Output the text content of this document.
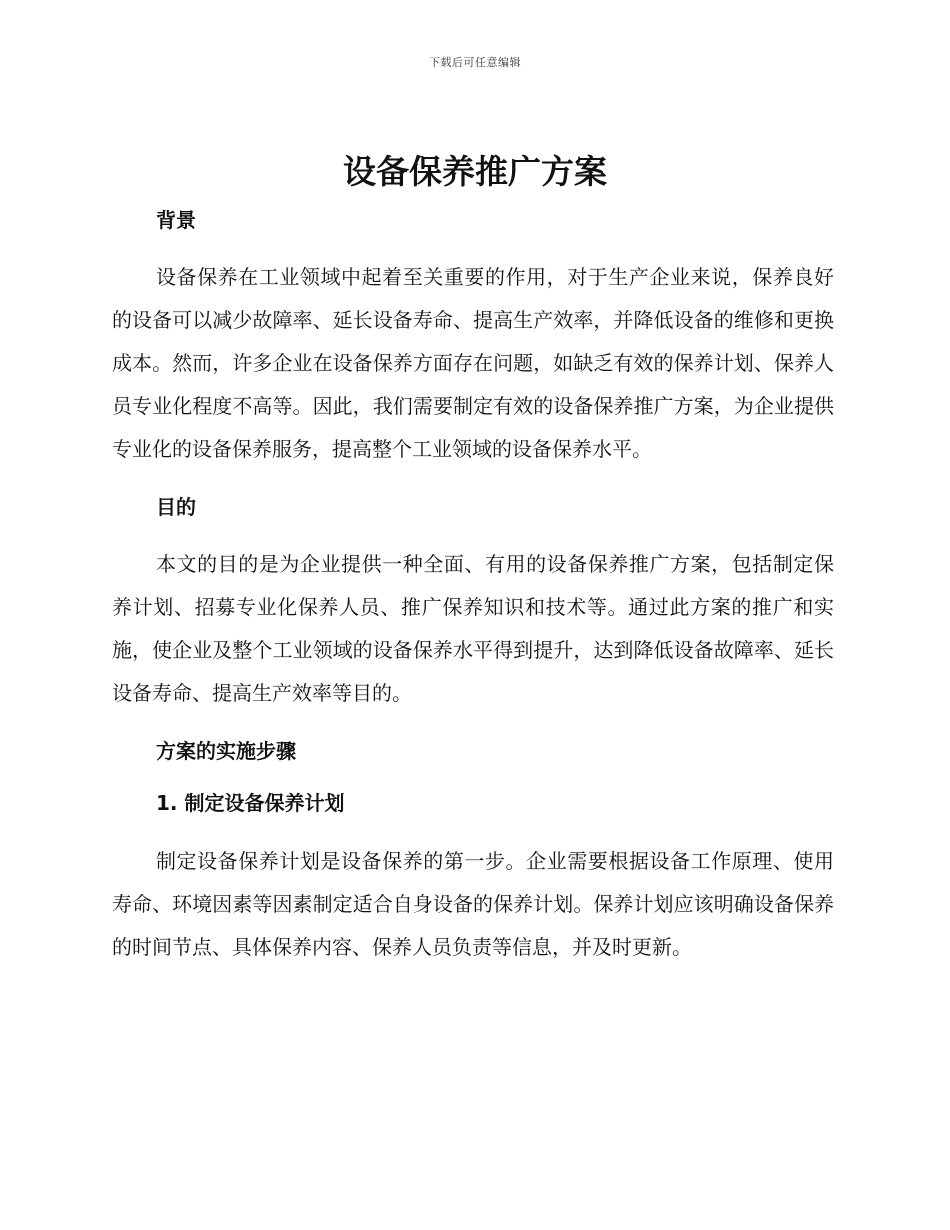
下载后可任意编辑
设备保养推广方案
背景

设备保养在工业领域中起着至关重要的作用，对于生产企业来说，保养良好的设备可以减少故障率、延长设备寿命、提高生产效率，并降低设备的维修和更换成本。然而，许多企业在设备保养方面存在问题，如缺乏有效的保养计划、保养人员专业化程度不高等。因此，我们需要制定有效的设备保养推广方案，为企业提供专业化的设备保养服务，提高整个工业领域的设备保养水平。

目的

本文的目的是为企业提供一种全面、有用的设备保养推广方案，包括制定保养计划、招募专业化保养人员、推广保养知识和技术等。通过此方案的推广和实施，使企业及整个工业领域的设备保养水平得到提升，达到降低设备故障率、延长设备寿命、提高生产效率等目的。

方案的实施步骤
1. 制定设备保养计划

制定设备保养计划是设备保养的第一步。企业需要根据设备工作原理、使用寿命、环境因素等因素制定适合自身设备的保养计划。保养计划应该明确设备保养的时间节点、具体保养内容、保养人员负责等信息，并及时更新。
